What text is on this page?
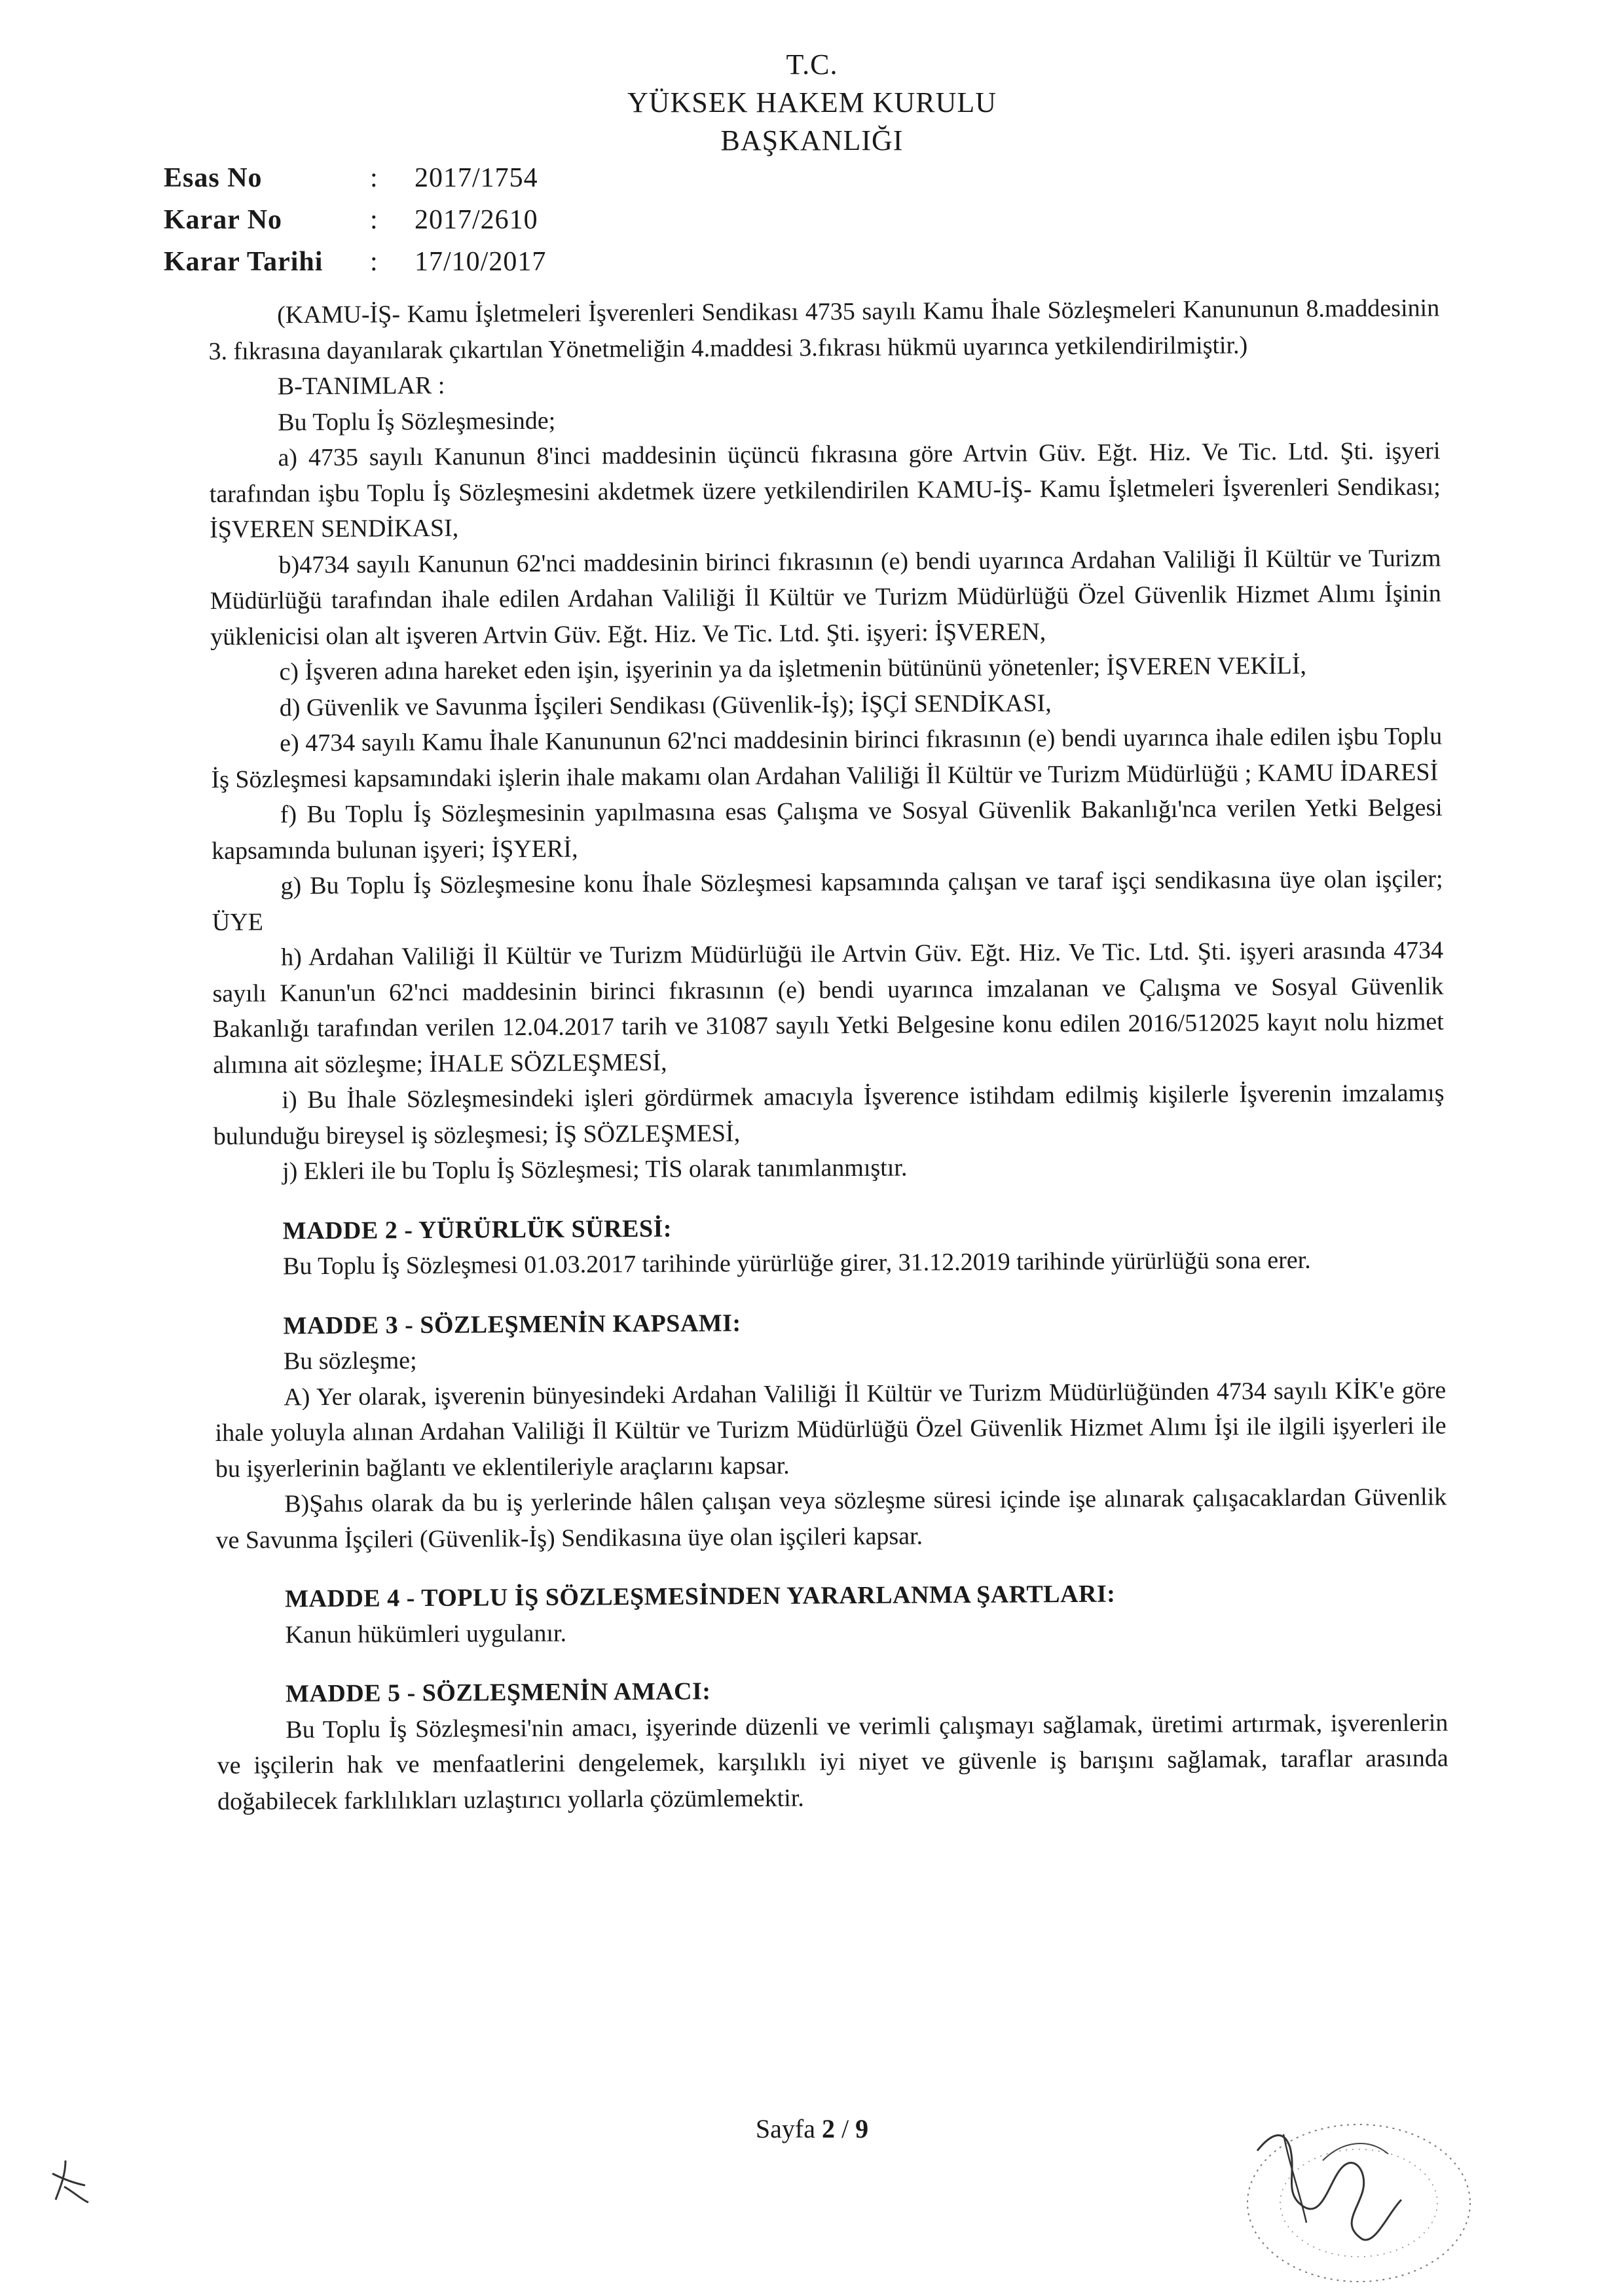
T.C.
YÜKSEK HAKEM KURULU
BAŞKANLIĞI
Esas No	:	2017/1754
Karar No	:	2017/2610
Karar Tarihi	:	17/10/2017

(KAMU-İŞ- Kamu İşletmeleri İşverenleri Sendikası 4735 sayılı Kamu İhale Sözleşmeleri Kanununun 8.maddesinin 3. fıkrasına dayanılarak çıkartılan Yönetmeliğin 4.maddesi 3.fıkrası hükmü uyarınca yetkilendirilmiştir.)

B-TANIMLAR :

Bu Toplu İş Sözleşmesinde;

a) 4735 sayılı Kanunun 8'inci maddesinin üçüncü fıkrasına göre Artvin Güv. Eğt. Hiz. Ve Tic. Ltd. Şti. işyeri tarafından işbu Toplu İş Sözleşmesini akdetmek üzere yetkilendirilen KAMU-İŞ- Kamu İşletmeleri İşverenleri Sendikası; İŞVEREN SENDİKASI,

b)4734 sayılı Kanunun 62'nci maddesinin birinci fıkrasının (e) bendi uyarınca Ardahan Valiliği İl Kültür ve Turizm Müdürlüğü tarafından ihale edilen Ardahan Valiliği İl Kültür ve Turizm Müdürlüğü Özel Güvenlik Hizmet Alımı İşinin yüklenicisi olan alt işveren Artvin Güv. Eğt. Hiz. Ve Tic. Ltd. Şti. işyeri: İŞVEREN,

c) İşveren adına hareket eden işin, işyerinin ya da işletmenin bütününü yönetenler; İŞVEREN VEKİLİ,

d) Güvenlik ve Savunma İşçileri Sendikası (Güvenlik-İş); İŞÇİ SENDİKASI,

e) 4734 sayılı Kamu İhale Kanununun 62'nci maddesinin birinci fıkrasının (e) bendi uyarınca ihale edilen işbu Toplu İş Sözleşmesi kapsamındaki işlerin ihale makamı olan Ardahan Valiliği İl Kültür ve Turizm Müdürlüğü ; KAMU İDARESİ

f) Bu Toplu İş Sözleşmesinin yapılmasına esas Çalışma ve Sosyal Güvenlik Bakanlığı'nca verilen Yetki Belgesi kapsamında bulunan işyeri; İŞYERİ,

g) Bu Toplu İş Sözleşmesine konu İhale Sözleşmesi kapsamında çalışan ve taraf işçi sendikasına üye olan işçiler; ÜYE

h) Ardahan Valiliği İl Kültür ve Turizm Müdürlüğü ile Artvin Güv. Eğt. Hiz. Ve Tic. Ltd. Şti. işyeri arasında 4734 sayılı Kanun'un 62'nci maddesinin birinci fıkrasının (e) bendi uyarınca imzalanan ve Çalışma ve Sosyal Güvenlik Bakanlığı tarafından verilen 12.04.2017 tarih ve 31087 sayılı Yetki Belgesine konu edilen 2016/512025 kayıt nolu hizmet alımına ait sözleşme; İHALE SÖZLEŞMESİ,

i) Bu İhale Sözleşmesindeki işleri gördürmek amacıyla İşverence istihdam edilmiş kişilerle İşverenin imzalamış bulunduğu bireysel iş sözleşmesi; İŞ SÖZLEŞMESİ,

j) Ekleri ile bu Toplu İş Sözleşmesi; TİS olarak tanımlanmıştır.

MADDE 2 - YÜRÜRLÜK SÜRESİ:

Bu Toplu İş Sözleşmesi 01.03.2017 tarihinde yürürlüğe girer, 31.12.2019 tarihinde yürürlüğü sona erer.

MADDE 3 - SÖZLEŞMENİN KAPSAMI:

Bu sözleşme;

A) Yer olarak, işverenin bünyesindeki Ardahan Valiliği İl Kültür ve Turizm Müdürlüğünden 4734 sayılı KİK'e göre ihale yoluyla alınan Ardahan Valiliği İl Kültür ve Turizm Müdürlüğü Özel Güvenlik Hizmet Alımı İşi ile ilgili işyerleri ile bu işyerlerinin bağlantı ve eklentileriyle araçlarını kapsar.

B)Şahıs olarak da bu iş yerlerinde hâlen çalışan veya sözleşme süresi içinde işe alınarak çalışacaklardan Güvenlik ve Savunma İşçileri (Güvenlik-İş) Sendikasına üye olan işçileri kapsar.

MADDE 4 - TOPLU İŞ SÖZLEŞMESİNDEN YARARLANMA ŞARTLARI:

Kanun hükümleri uygulanır.

MADDE 5 - SÖZLEŞMENİN AMACI:

Bu Toplu İş Sözleşmesi'nin amacı, işyerinde düzenli ve verimli çalışmayı sağlamak, üretimi artırmak, işverenlerin ve işçilerin hak ve menfaatlerini dengelemek, karşılıklı iyi niyet ve güvenle iş barışını sağlamak, taraflar arasında doğabilecek farklılıkları uzlaştırıcı yollarla çözümlemektir.

Sayfa 2 / 9
